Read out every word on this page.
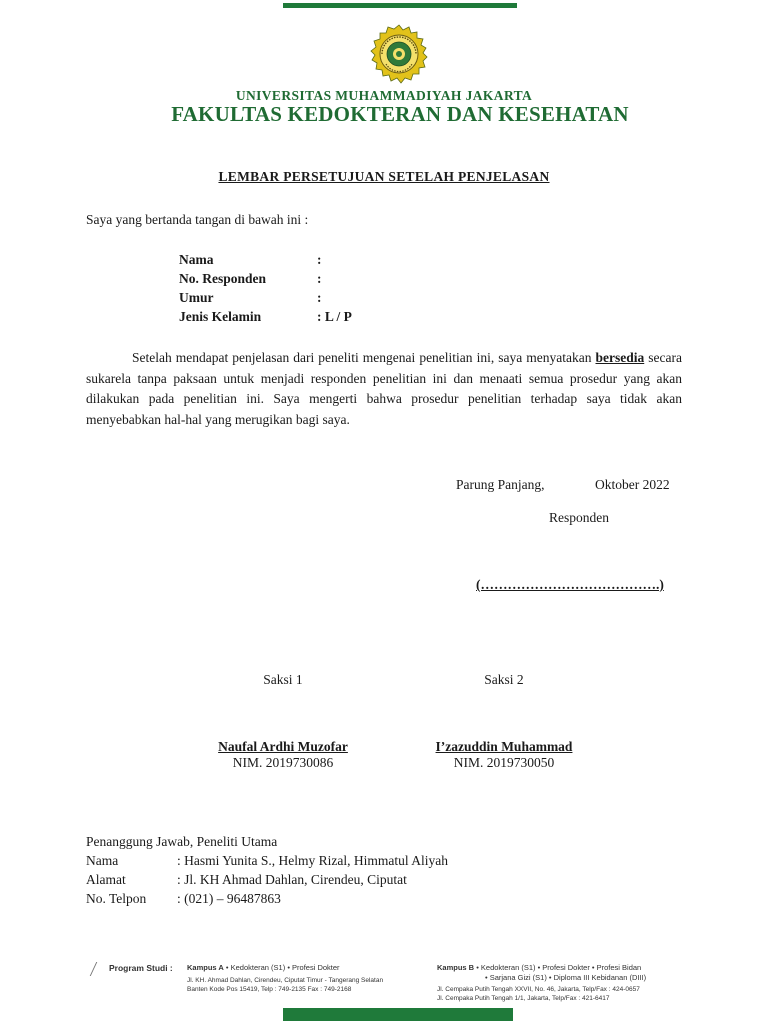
UNIVERSITAS MUHAMMADIYAH JAKARTA
FAKULTAS KEDOKTERAN DAN KESEHATAN
LEMBAR PERSETUJUAN SETELAH PENJELASAN
Saya yang bertanda tangan di bawah ini :
Nama	:
No. Responden	:
Umur	:
Jenis Kelamin	: L / P
Setelah mendapat penjelasan dari peneliti mengenai penelitian ini, saya menyatakan bersedia secara sukarela tanpa paksaan untuk menjadi responden penelitian ini dan menaati semua prosedur yang akan dilakukan pada penelitian ini. Saya mengerti bahwa prosedur penelitian terhadap saya tidak akan menyebabkan hal-hal yang merugikan bagi saya.
Parung Panjang,	Oktober 2022
Responden
(………………………………….)
Saksi 1	Saksi 2
Naufal Ardhi Muzofar	I’zazuddin Muhammad
NIM. 2019730086	NIM. 2019730050
Penanggung Jawab, Peneliti Utama
Nama	: Hasmi Yunita S., Helmy Rizal, Himmatul Aliyah
Alamat	: Jl. KH Ahmad Dahlan, Cirendeu, Ciputat
No. Telpon : (021) – 96487863
Program Studi : Kampus A • Kedokteran (S1) • Profesi Dokter
Jl. KH. Ahmad Dahlan, Cirendeu, Ciputat Timur - Tangerang Selatan
Banten Kode Pos 15419, Telp : 749-2135 Fax : 749-2168
Kampus B • Kedokteran (S1) • Profesi Dokter • Profesi Bidan
• Sarjana Gizi (S1) • Diploma III Kebidanan (DIII)
Jl. Cempaka Putih Tengah XXVII, No. 46, Jakarta, Telp/Fax : 424-0657
Jl. Cempaka Putih Tengah 1/1, Jakarta, Telp/Fax : 421-6417
